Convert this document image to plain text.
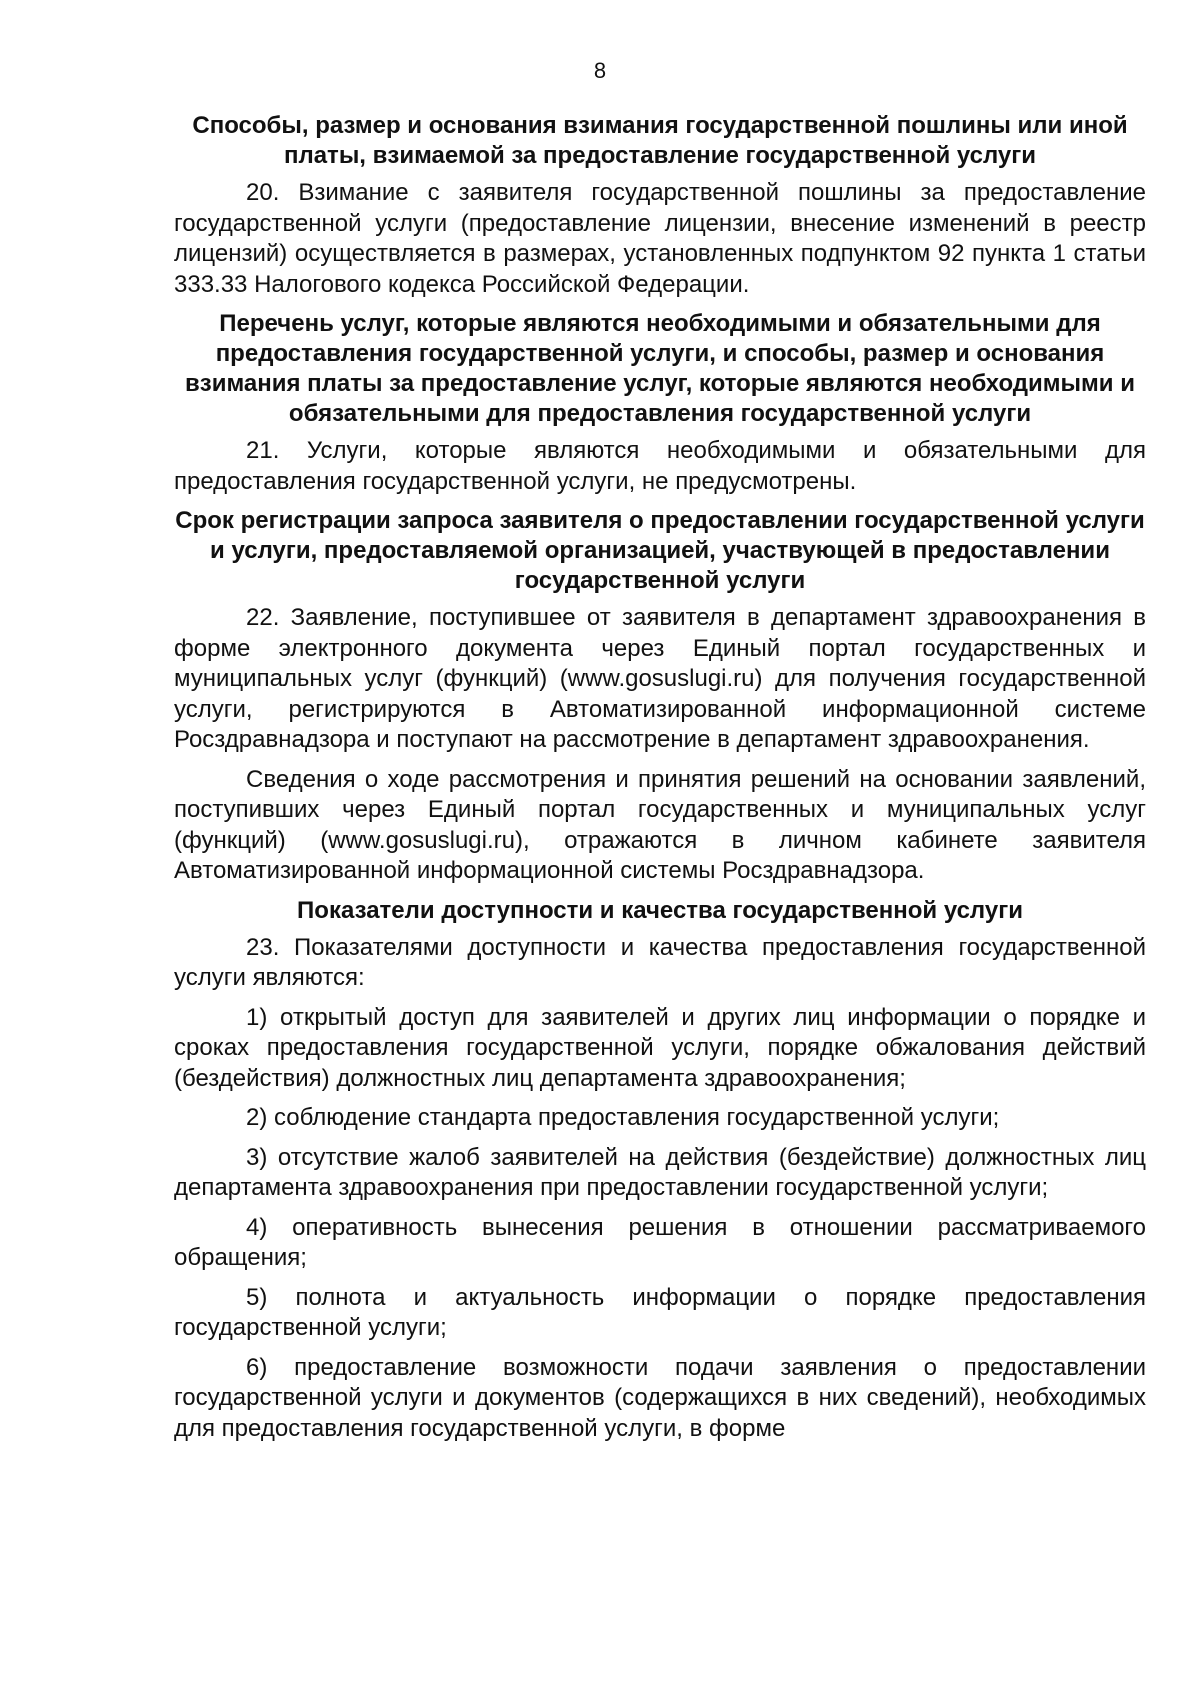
8
Способы, размер и основания взимания государственной пошлины или иной платы, взимаемой за предоставление государственной услуги

20. Взимание с заявителя государственной пошлины за предоставление государственной услуги (предоставление лицензии, внесение изменений в реестр лицензий) осуществляется в размерах, установленных подпунктом 92 пункта 1 статьи 333.33 Налогового кодекса Российской Федерации.

Перечень услуг, которые являются необходимыми и обязательными для предоставления государственной услуги, и способы, размер и основания взимания платы за предоставление услуг, которые являются необходимыми и обязательными для предоставления государственной услуги

21. Услуги, которые являются необходимыми и обязательными для предоставления государственной услуги, не предусмотрены.

Срок регистрации запроса заявителя о предоставлении государственной услуги и услуги, предоставляемой организацией, участвующей в предоставлении государственной услуги

22. Заявление, поступившее от заявителя в департамент здравоохранения в форме электронного документа через Единый портал государственных и муниципальных услуг (функций) (www.gosuslugi.ru) для получения государственной услуги, регистрируются в Автоматизированной информационной системе Росздравнадзора и поступают на рассмотрение в департамент здравоохранения.

Сведения о ходе рассмотрения и принятия решений на основании заявлений, поступивших через Единый портал государственных и муниципальных услуг (функций) (www.gosuslugi.ru), отражаются в личном кабинете заявителя Автоматизированной информационной системы Росздравнадзора.

Показатели доступности и качества государственной услуги

23. Показателями доступности и качества предоставления государственной услуги являются:

1) открытый доступ для заявителей и других лиц информации о порядке и сроках предоставления государственной услуги, порядке обжалования действий (бездействия) должностных лиц департамента здравоохранения;

2) соблюдение стандарта предоставления государственной услуги;

3) отсутствие жалоб заявителей на действия (бездействие) должностных лиц департамента здравоохранения при предоставлении государственной услуги;

4) оперативность вынесения решения в отношении рассматриваемого обращения;

5) полнота и актуальность информации о порядке предоставления государственной услуги;

6) предоставление возможности подачи заявления о предоставлении государственной услуги и документов (содержащихся в них сведений), необходимых для предоставления государственной услуги, в форме
